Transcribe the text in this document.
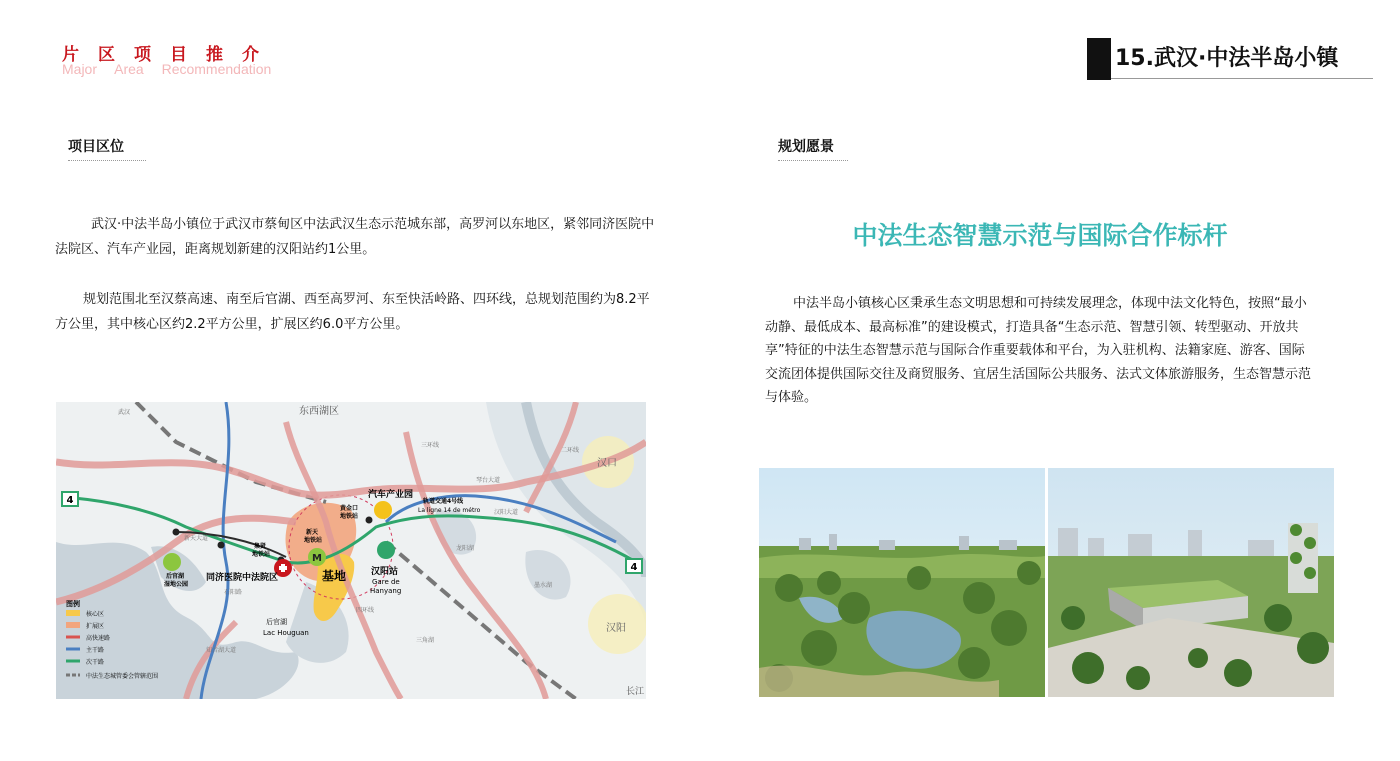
片区项目推介
Major Area Recommendation	15.武汉·中法半岛小镇
项目区位
武汉·中法半岛小镇位于武汉市蔡甸区中法武汉生态示范城东部，高罗河以东地区，紧邻同济医院中法院区、汽车产业园，距离规划新建的汉阳站约1公里。
规划范围北至汉蔡高速、南至后官湖、西至高罗河、东至快活岭路、四环线，总规划范围约为8.2平方公里，其中核心区约2.2平方公里，扩展区约6.0平方公里。
4
4
M
东西湖区
汉口
汉阳
汽车产业园
轨道交通4号线
La ligne 14 de métro
汉阳站
Gare de
Hanyang
基地
同济医院中法院区
后官湖
Lac Houguan
后官湖
湿地公园
集贤
地铁站
新天
地铁站
黄金口
地铁站
长江
武汉
龙阳湖
墨水湖
三角湖
汉阳大道
四环线
知音湖大道
新天大道
二环线
三环线
石阳路
琴台大道
图例
核心区
扩展区
高快速路
主干路
次干路
中法生态城管委会管辖范围
规划愿景
中法生态智慧示范与国际合作标杆
中法半岛小镇核心区秉承生态文明思想和可持续发展理念，体现中法文化特色，按照“最小动静、最低成本、最高标准”的建设模式，打造具备“生态示范、智慧引领、转型驱动、开放共享”特征的中法生态智慧示范与国际合作重要载体和平台，为入驻机构、法籍家庭、游客、国际交流团体提供国际交往及商贸服务、宜居生活国际公共服务、法式文体旅游服务，生态智慧示范与体验。
